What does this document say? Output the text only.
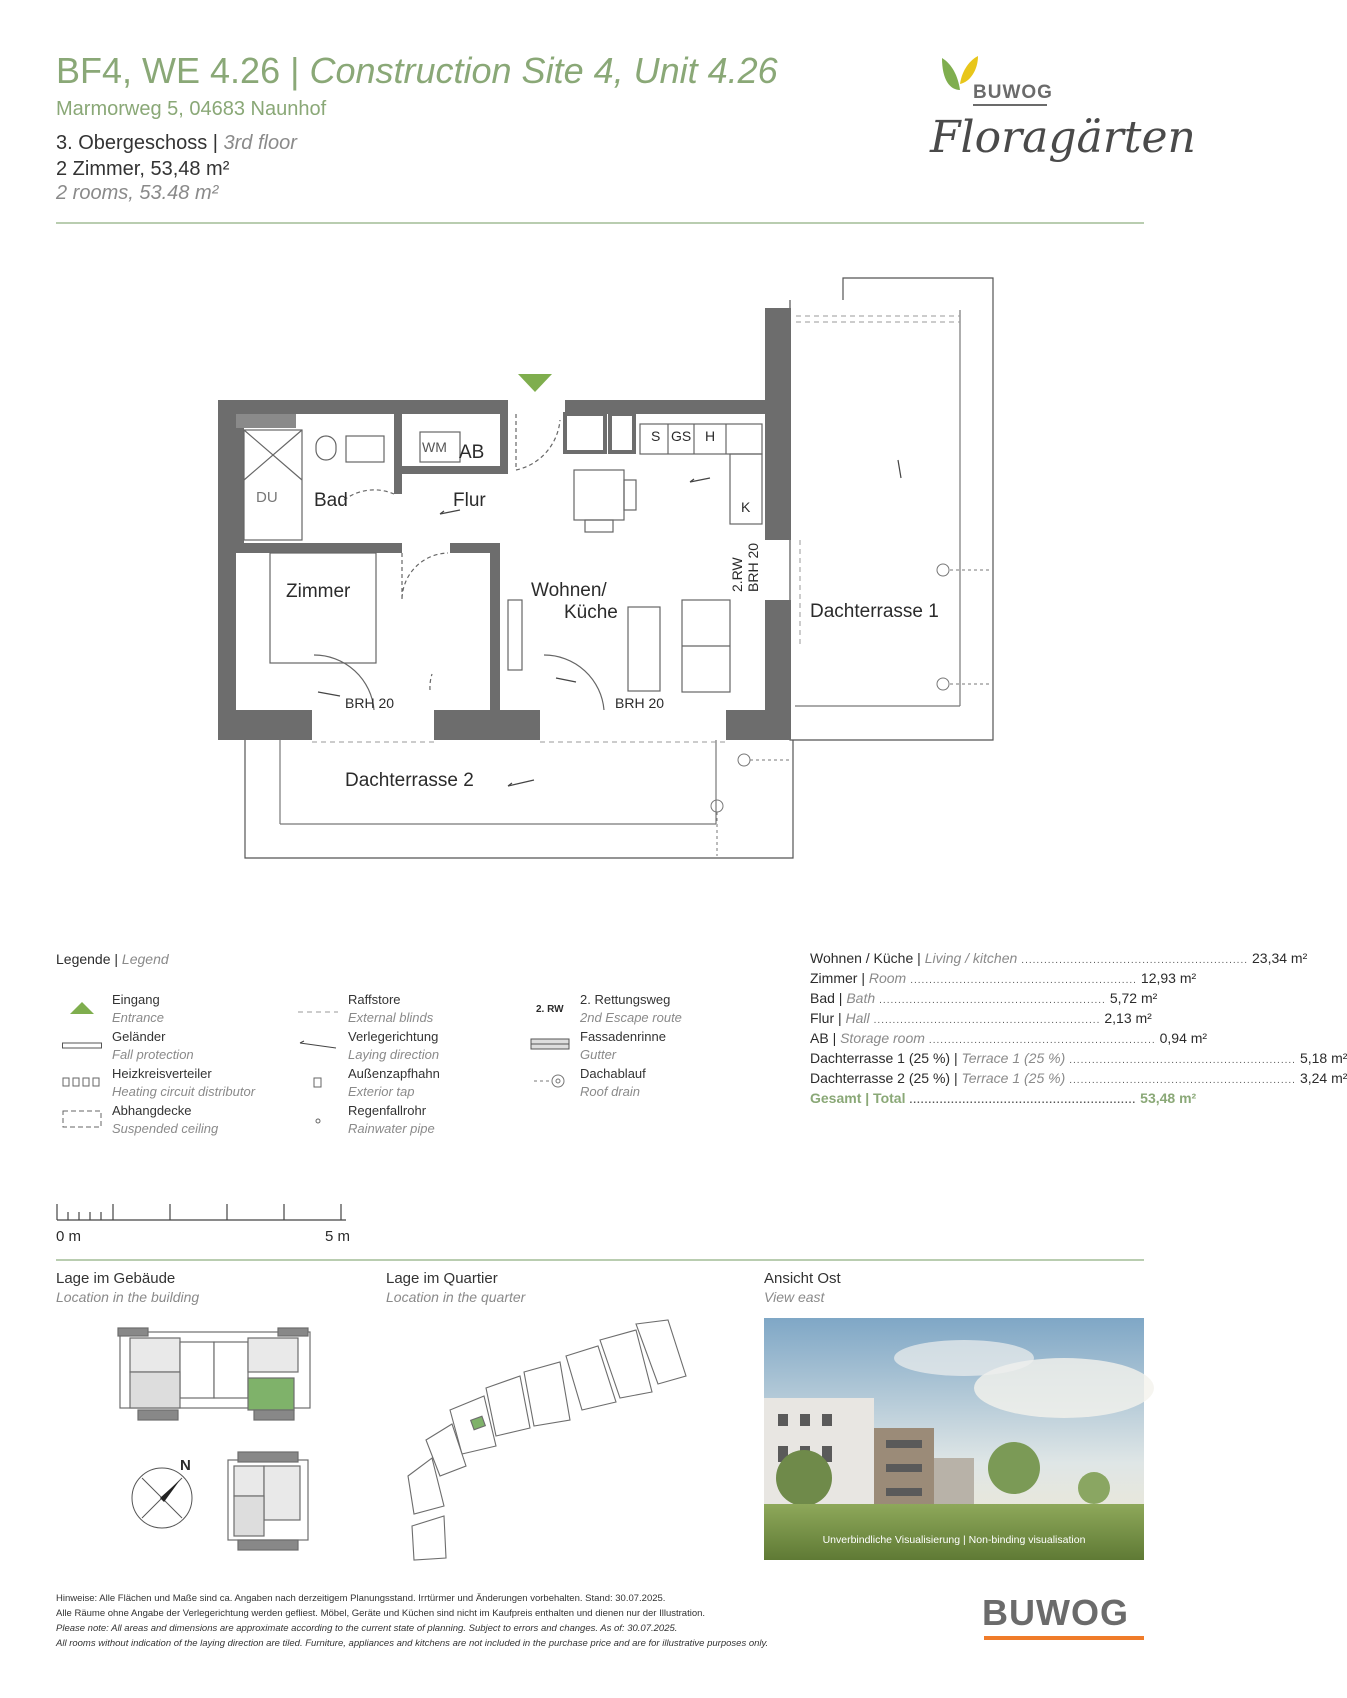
BF4, WE 4.26 | Construction Site 4, Unit 4.26
Marmorweg 5, 04683 Naunhof
3. Obergeschoss | 3rd floor
2 Zimmer, 53,48 m²
2 rooms, 53.48 m²
BUWOG
Floragärten
DU Bad
WM AB
Flur
Zimmer	Wohnen/
Küche	Dachterrasse 1
Dachterrasse 2
S GS H
K
BRH 20	BRH 20
BRH 20
2.RW
Legende | Legend
Eingang
Entrance
Geländer
Fall protection
Heizkreisverteiler
Heating circuit distributor
Abhangdecke
Suspended ceiling
Raffstore
External blinds
Verlegerichtung
Laying direction
Außenzapfhahn
Exterior tap
Regenfallrohr
Rainwater pipe
2. RW
2. Rettungsweg
2nd Escape route
Fassadenrinne
Gutter
Dachablauf
Roof drain
Wohnen / Küche | Living / kitchen ............................................................ 23,34 m²
Zimmer | Room ............................................................ 12,93 m²
Bad | Bath ............................................................ 5,72 m²
Flur | Hall ............................................................ 2,13 m²
AB | Storage room ............................................................ 0,94 m²
Dachterrasse 1 (25 %) | Terrace 1 (25 %) ............................................................ 5,18 m²
Dachterrasse 2 (25 %) | Terrace 1 (25 %) ............................................................ 3,24 m²
Gesamt | Total ............................................................ 53,48 m²
0 m	5 m
Lage im Gebäude
Location in the building
N
Lage im Quartier
Location in the quarter
Ansicht Ost
View east
Unverbindliche Visualisierung | Non-binding visualisation
Hinweise: Alle Flächen und Maße sind ca. Angaben nach derzeitigem Planungsstand. Irrtürmer und Änderungen vorbehalten. Stand: 30.07.2025.
Alle Räume ohne Angabe der Verlegerichtung werden gefliest. Möbel, Geräte und Küchen sind nicht im Kaufpreis enthalten und dienen nur der Illustration.
Please note: All areas and dimensions are approximate according to the current state of planning. Subject to errors and changes. As of: 30.07.2025.
All rooms without indication of the laying direction are tiled. Furniture, appliances and kitchens are not included in the purchase price and are for illustrative purposes only.
BUWOG
